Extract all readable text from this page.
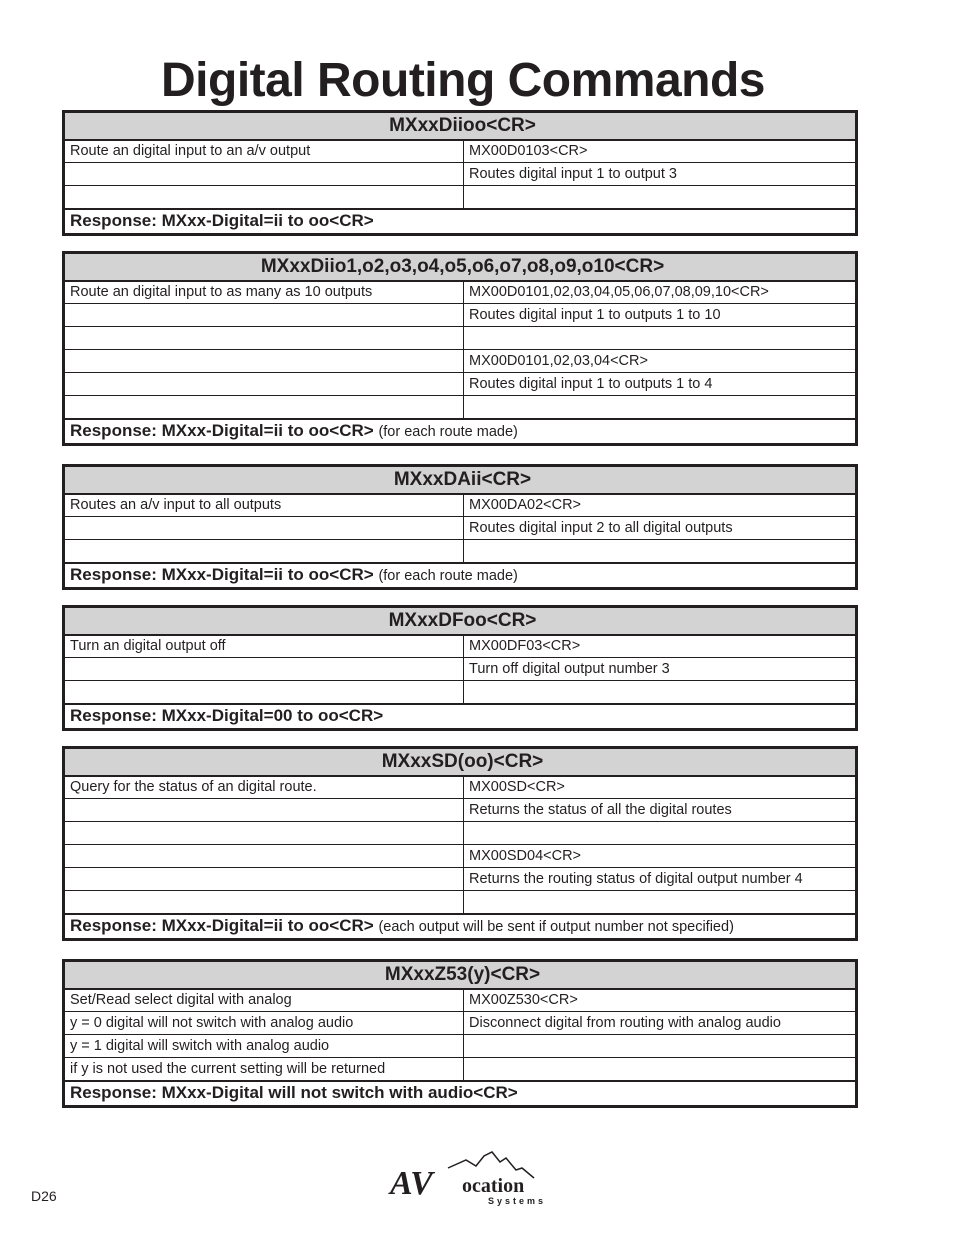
Digital Routing Commands
MXxxDiioo<CR>	
Route an digital input to an a/v output	MX00D0103<CR>
	Routes digital input 1 to output 3

Response: MXxx-Digital=ii to oo<CR>	
MXxxDiio1,o2,o3,o4,o5,o6,o7,o8,o9,o10<CR>	
Route an digital input to as many as 10 outputs	MX00D0101,02,03,04,05,06,07,08,09,10<CR>
	Routes digital input 1 to outputs 1 to 10

	MX00D0101,02,03,04<CR>
	Routes digital input 1 to outputs 1 to 4

Response: MXxx-Digital=ii to oo<CR> (for each route made)	
MXxxDAii<CR>	
Routes an a/v input to all outputs	MX00DA02<CR>
	Routes digital input 2 to all digital outputs

Response: MXxx-Digital=ii to oo<CR> (for each route made)	
MXxxDFoo<CR>	
Turn an digital output off	MX00DF03<CR>
	Turn off digital output number 3

Response: MXxx-Digital=00 to oo<CR>	
MXxxSD(oo)<CR>	
Query for the status of an digital route.	MX00SD<CR>
	Returns the status of all the digital routes

	MX00SD04<CR>
	Returns the routing status of digital output number 4

Response: MXxx-Digital=ii to oo<CR> (each output will be sent if output number not specified)	
MXxxZ53(y)<CR>	
Set/Read select digital with analog	MX00Z530<CR>
y = 0 digital will not switch with analog audio	Disconnect digital from routing with analog audio
y = 1 digital will switch with analog audio	
if y is not used the current setting will be returned	
Response: MXxx-Digital will not switch with audio<CR>	
D26	AV ocation
Systems
